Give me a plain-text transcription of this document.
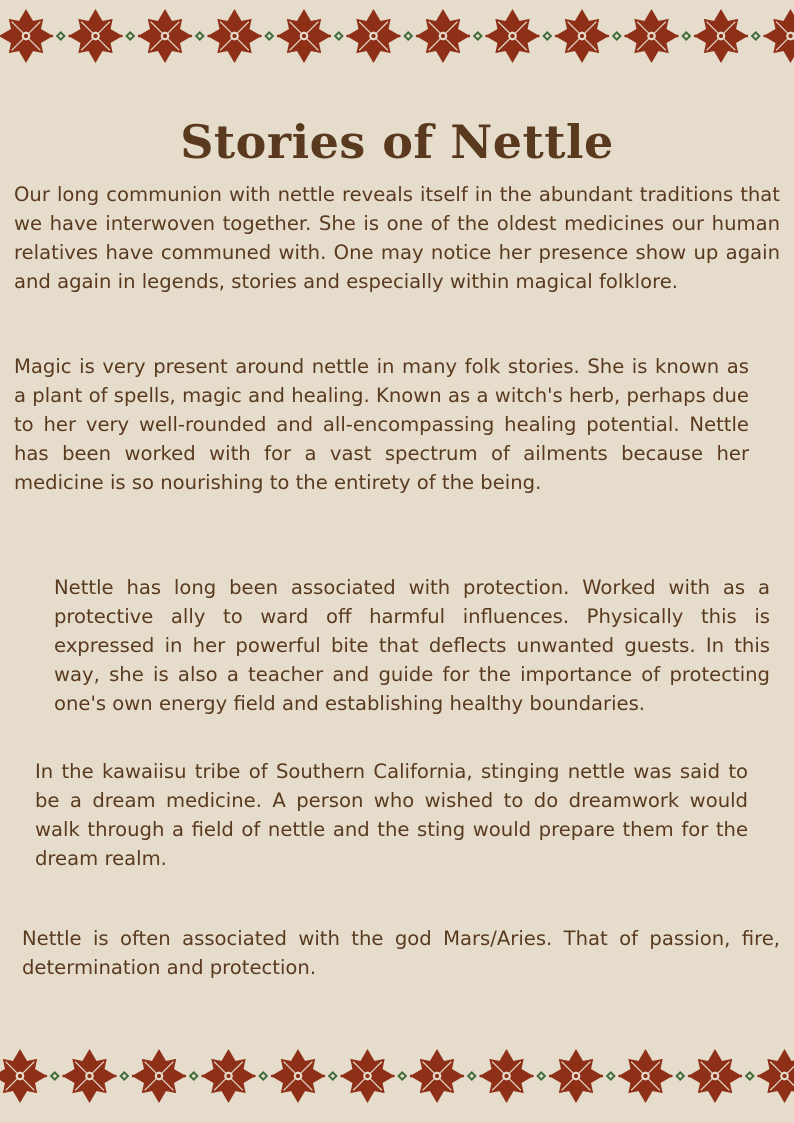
Stories of Nettle

Our long communion with nettle reveals itself in the abundant traditions that we have interwoven together. She is one of the oldest medicines our human relatives have communed with. One may notice her presence show up again and again in legends, stories and especially within magical folklore.

Magic is very present around nettle in many folk stories. She is known as a plant of spells, magic and healing. Known as a witch's herb, perhaps due to her very well-rounded and all-encompassing healing potential. Nettle has been worked with for a vast spectrum of ailments because her medicine is so nourishing to the entirety of the being.

Nettle has long been associated with protection. Worked with as a protective ally to ward off harmful influences. Physically this is expressed in her powerful bite that deflects unwanted guests. In this way, she is also a teacher and guide for the importance of protecting one's own energy field and establishing healthy boundaries.

In the kawaiisu tribe of Southern California, stinging nettle was said to be a dream medicine. A person who wished to do dreamwork would walk through a field of nettle and the sting would prepare them for the dream realm.

Nettle is often associated with the god Mars/Aries. That of passion, fire, determination and protection.
